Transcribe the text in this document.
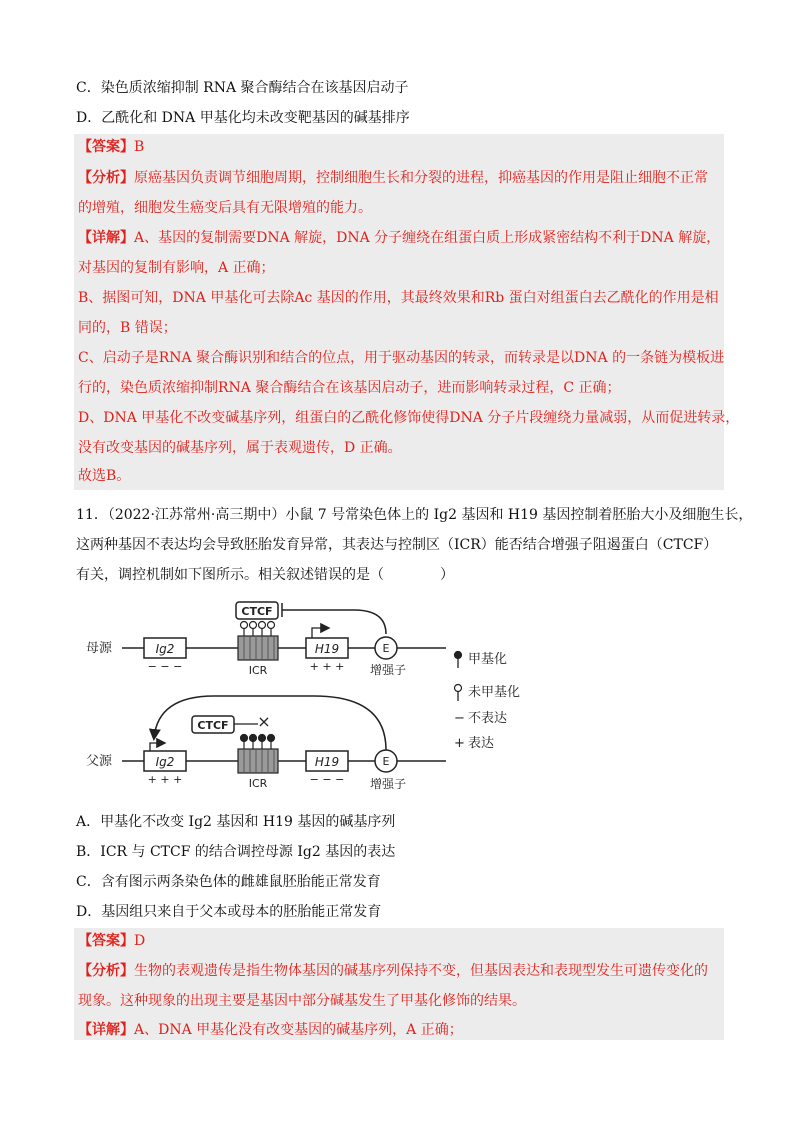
C．染色质浓缩抑制 RNA 聚合酶结合在该基因启动子
D．乙酰化和 DNA 甲基化均未改变靶基因的碱基排序
【答案】B
【分析】原癌基因负责调节细胞周期，控制细胞生长和分裂的进程，抑癌基因的作用是阻止细胞不正常
的增殖，细胞发生癌变后具有无限增殖的能力。
【详解】A、基因的复制需要DNA 解旋，DNA 分子缠绕在组蛋白质上形成紧密结构不利于DNA 解旋，
对基因的复制有影响，A 正确；
B、据图可知，DNA 甲基化可去除Ac 基因的作用，其最终效果和Rb 蛋白对组蛋白去乙酰化的作用是相
同的，B 错误；
C、启动子是RNA 聚合酶识别和结合的位点，用于驱动基因的转录，而转录是以DNA 的一条链为模板进
行的，染色质浓缩抑制RNA 聚合酶结合在该基因启动子，进而影响转录过程，C 正确；
D、DNA 甲基化不改变碱基序列，组蛋白的乙酰化修饰使得DNA 分子片段缠绕力量减弱，从而促进转录，
没有改变基因的碱基序列，属于表观遗传，D 正确。
故选B。
11．（2022·江苏常州·高三期中）小鼠 7 号常染色体上的 Ig2 基因和 H19 基因控制着胚胎大小及细胞生长，
这两种基因不表达均会导致胚胎发育异常，其表达与控制区（ICR）能否结合增强子阻遏蛋白（CTCF）
有关，调控机制如下图所示。相关叙述错误的是（　　　　）
母源	Ig2
− − −
CTCF
ICR
H19
+ + +
E
增强子
父源	Ig2
+ + +
CTCF ×
ICR
H19
− − −
E
增强子
甲基化
未甲基化
− 不表达
+ 表达
A．甲基化不改变 Ig2 基因和 H19 基因的碱基序列
B．ICR 与 CTCF 的结合调控母源 Ig2 基因的表达
C．含有图示两条染色体的雌雄鼠胚胎能正常发育
D．基因组只来自于父本或母本的胚胎能正常发育
【答案】D
【分析】生物的表观遗传是指生物体基因的碱基序列保持不变，但基因表达和表现型发生可遗传变化的
现象。这种现象的出现主要是基因中部分碱基发生了甲基化修饰的结果。
【详解】A、DNA 甲基化没有改变基因的碱基序列，A 正确；
